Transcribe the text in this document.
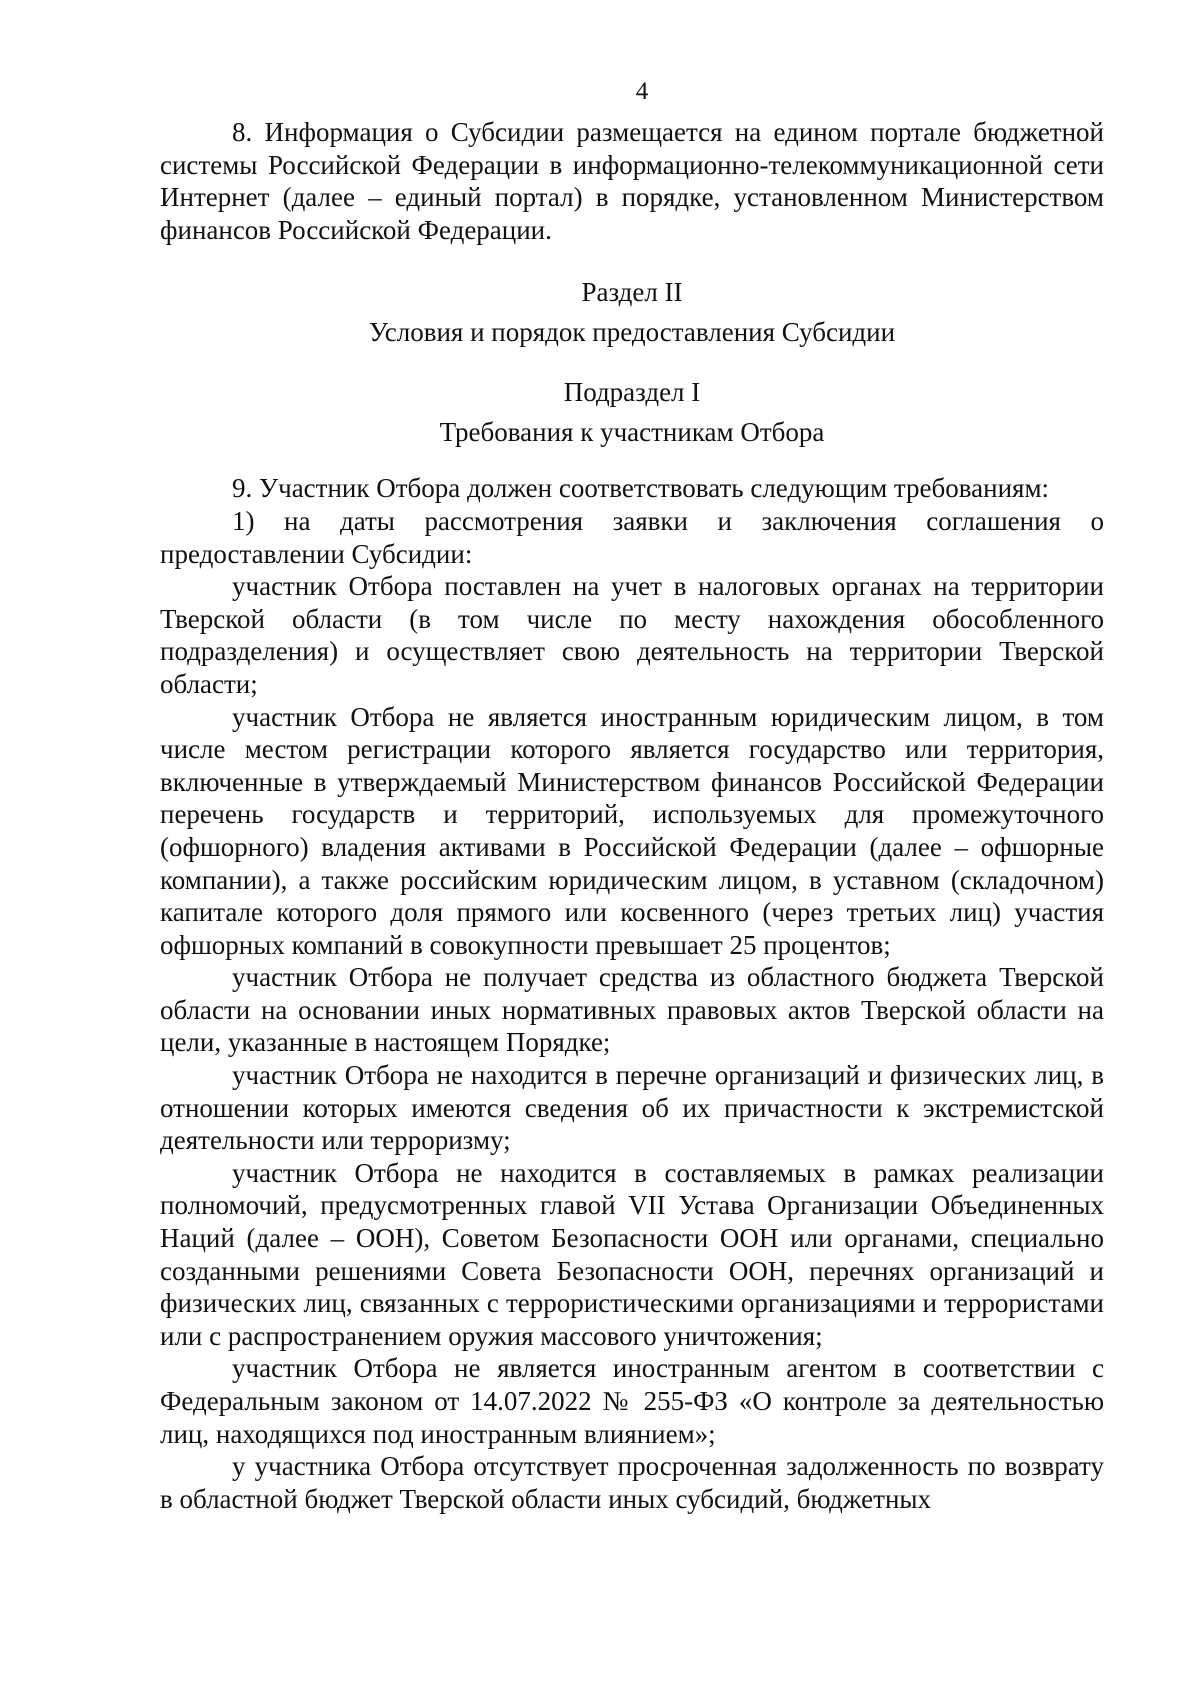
4

8. Информация о Субсидии размещается на едином портале бюджетной системы Российской Федерации в информационно-телекоммуникационной сети Интернет (далее – единый портал) в порядке, установленном Министерством финансов Российской Федерации.

Раздел II
Условия и порядок предоставления Субсидии
Подраздел I
Требования к участникам Отбора

9. Участник Отбора должен соответствовать следующим требованиям:

1) на даты рассмотрения заявки и заключения соглашения о предоставлении Субсидии:

участник Отбора поставлен на учет в налоговых органах на территории Тверской области (в том числе по месту нахождения обособленного подразделения) и осуществляет свою деятельность на территории Тверской области;

участник Отбора не является иностранным юридическим лицом, в том числе местом регистрации которого является государство или территория, включенные в утверждаемый Министерством финансов Российской Федерации перечень государств и территорий, используемых для промежуточного (офшорного) владения активами в Российской Федерации (далее – офшорные компании), а также российским юридическим лицом, в уставном (складочном) капитале которого доля прямого или косвенного (через третьих лиц) участия офшорных компаний в совокупности превышает 25 процентов;

участник Отбора не получает средства из областного бюджета Тверской области на основании иных нормативных правовых актов Тверской области на цели, указанные в настоящем Порядке;

участник Отбора не находится в перечне организаций и физических лиц, в отношении которых имеются сведения об их причастности к экстремистской деятельности или терроризму;

участник Отбора не находится в составляемых в рамках реализации полномочий, предусмотренных главой VII Устава Организации Объединенных Наций (далее – ООН), Советом Безопасности ООН или органами, специально созданными решениями Совета Безопасности ООН, перечнях организаций и физических лиц, связанных с террористическими организациями и террористами или с распространением оружия массового уничтожения;

участник Отбора не является иностранным агентом в соответствии с Федеральным законом от 14.07.2022 № 255-ФЗ «О контроле за деятельностью лиц, находящихся под иностранным влиянием»;

у участника Отбора отсутствует просроченная задолженность по возврату в областной бюджет Тверской области иных субсидий, бюджетных
